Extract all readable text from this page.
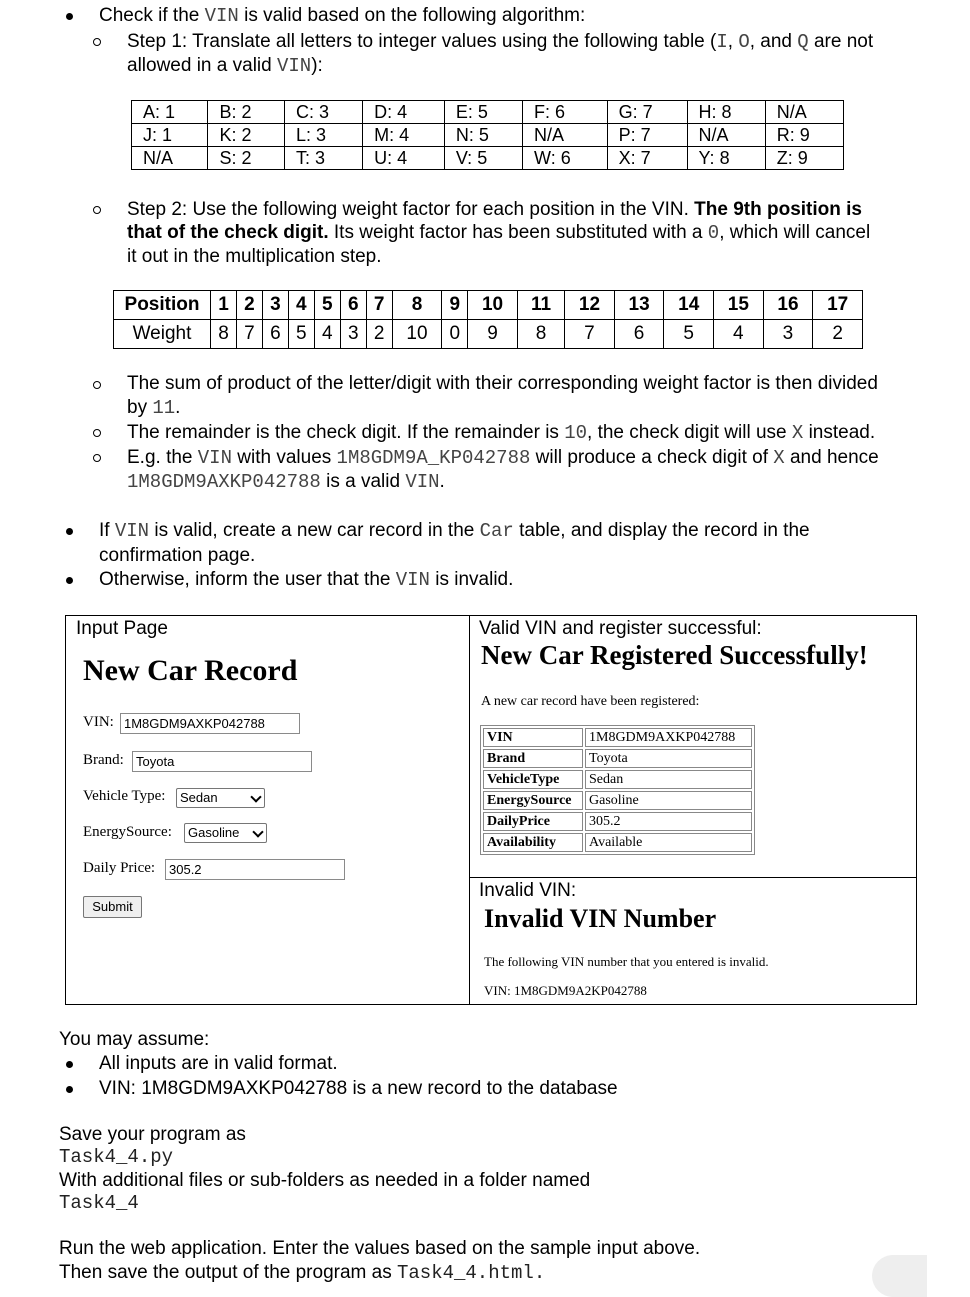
Check if the VIN is valid based on the following algorithm:
Step 1: Translate all letters to integer values using the following table (I, O, and Q are not
allowed in a valid VIN):
A: 1	B: 2	C: 3	D: 4	E: 5	F: 6	G: 7	H: 8	N/A
J: 1	K: 2	L: 3	M: 4	N: 5	N/A	P: 7	N/A	R: 9
N/A	S: 2	T: 3	U: 4	V: 5	W: 6	X: 7	Y: 8	Z: 9
Step 2: Use the following weight factor for each position in the VIN. The 9th position is
that of the check digit. Its weight factor has been substituted with a 0, which will cancel
it out in the multiplication step.
Position	1	2	3	4	5	6	7	8	9	10	11	12	13	14	15	16	17
Weight	8	7	6	5	4	3	2	10	0	9	8	7	6	5	4	3	2
The sum of product of the letter/digit with their corresponding weight factor is then divided
by 11.
The remainder is the check digit. If the remainder is 10, the check digit will use X instead.
E.g. the VIN with values 1M8GDM9A_KP042788 will produce a check digit of X and hence
1M8GDM9AXKP042788 is a valid VIN.
If VIN is valid, create a new car record in the Car table, and display the record in the
confirmation page.
Otherwise, inform the user that the VIN is invalid.
Input Page
New Car Record
VIN: 1M8GDM9AXKP042788
Brand: Toyota
Vehicle Type:	Sedan
EnergySource:	Gasoline
Daily Price:	305.2
Submit
Valid VIN and register successful:
New Car Registered Successfully!
A new car record have been registered:
VIN	1M8GDM9AXKP042788
Brand	Toyota
VehicleType	Sedan
EnergySource	Gasoline
DailyPrice	305.2
Availability	Available
Invalid VIN:
Invalid VIN Number
The following VIN number that you entered is invalid.
VIN: 1M8GDM9A2KP042788
You may assume:
All inputs are in valid format.
VIN: 1M8GDM9AXKP042788 is a new record to the database
Save your program as
Task4_4.py
With additional files or sub-folders as needed in a folder named
Task4_4
Run the web application. Enter the values based on the sample input above.
Then save the output of the program as Task4_4.html.
